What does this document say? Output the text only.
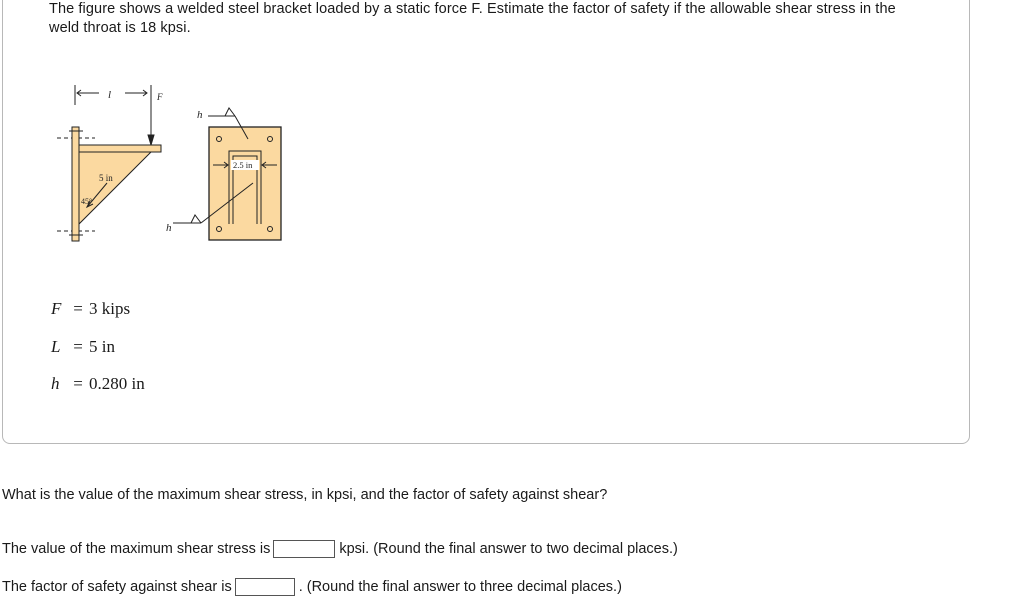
The figure shows a welded steel bracket loaded by a static force F. Estimate the factor of safety if the allowable shear stress in the weld throat is 18 kpsi.
l	F
5 in
45°
2.5 in
h
h
F = 3 kips
L = 5 in
h = 0.280 in
What is the value of the maximum shear stress, in kpsi, and the factor of safety against shear?
The value of the maximum shear stress is	kpsi. (Round the final answer to two decimal places.)
The factor of safety against shear is	. (Round the final answer to three decimal places.)
